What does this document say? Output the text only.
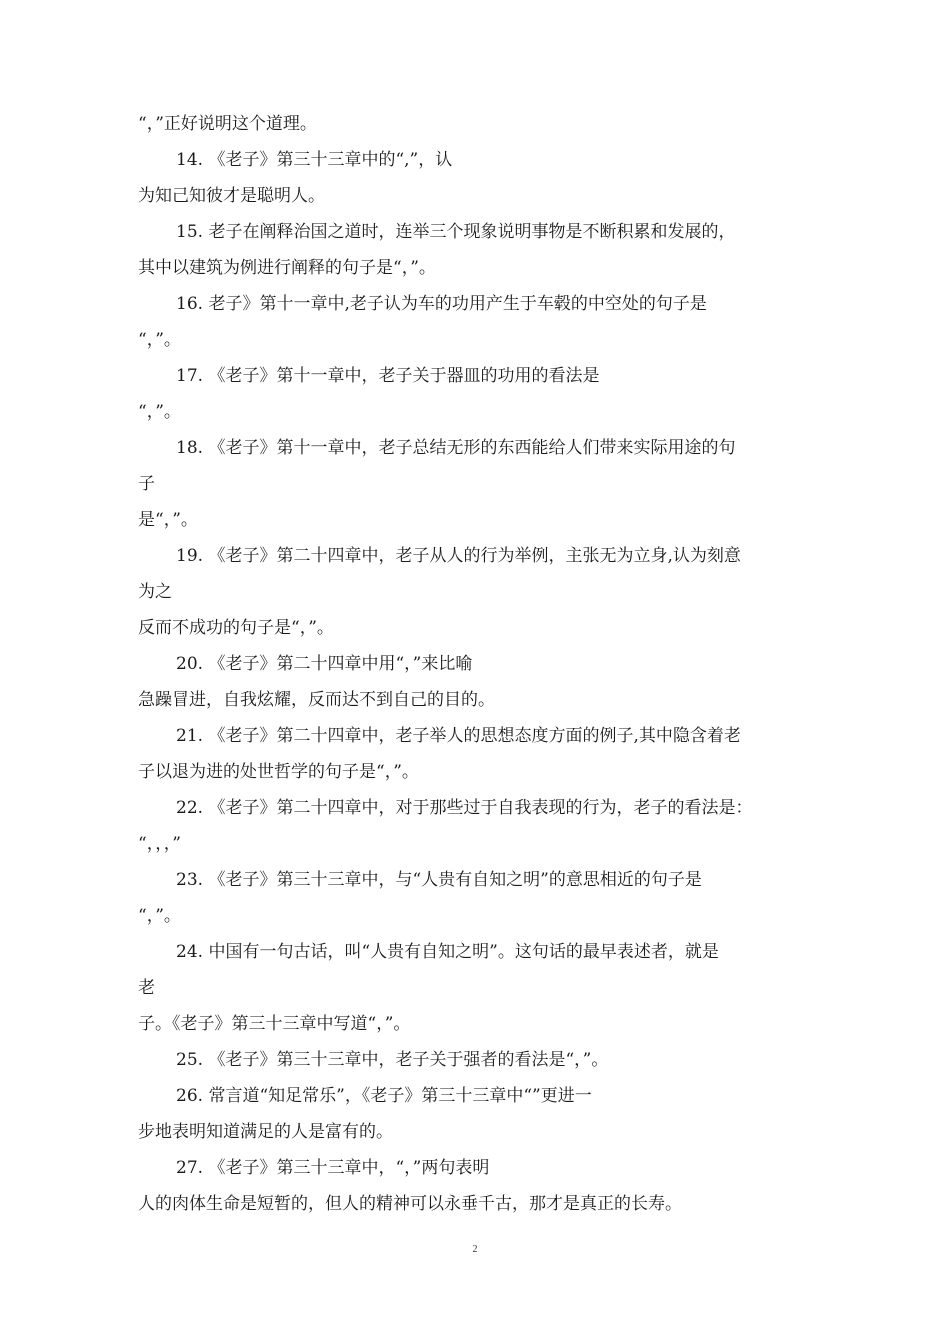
“，”正好说明这个道理。
14. 《老子》第三十三章中的“,”，认
为知己知彼才是聪明人。
15. 老子在阐释治国之道时，连举三个现象说明事物是不断积累和发展的，
其中以建筑为例进行阐释的句子是“，”。
16. 老子》第十一章中,老子认为车的功用产生于车毂的中空处的句子是
“，”。
17. 《老子》第十一章中，老子关于器皿的功用的看法是
“，”。
18. 《老子》第十一章中，老子总结无形的东西能给人们带来实际用途的句
子
是“，”。
19. 《老子》第二十四章中，老子从人的行为举例，主张无为立身,认为刻意
为之
反而不成功的句子是“，”。
20. 《老子》第二十四章中用“，”来比喻
急躁冒进，自我炫耀，反而达不到自己的目的。
21. 《老子》第二十四章中，老子举人的思想态度方面的例子,其中隐含着老
子以退为进的处世哲学的句子是“，”。
22. 《老子》第二十四章中，对于那些过于自我表现的行为，老子的看法是：
“，，，”
23. 《老子》第三十三章中，与“人贵有自知之明”的意思相近的句子是
“，”。
24. 中国有一句古话，叫“人贵有自知之明”。这句话的最早表述者，就是
老
子。《老子》第三十三章中写道“，”。
25. 《老子》第三十三章中，老子关于强者的看法是“，”。
26. 常言道“知足常乐”，《老子》第三十三章中“”更进一
步地表明知道满足的人是富有的。
27. 《老子》第三十三章中，“，”两句表明
人的肉体生命是短暂的，但人的精神可以永垂千古，那才是真正的长寿。
2
